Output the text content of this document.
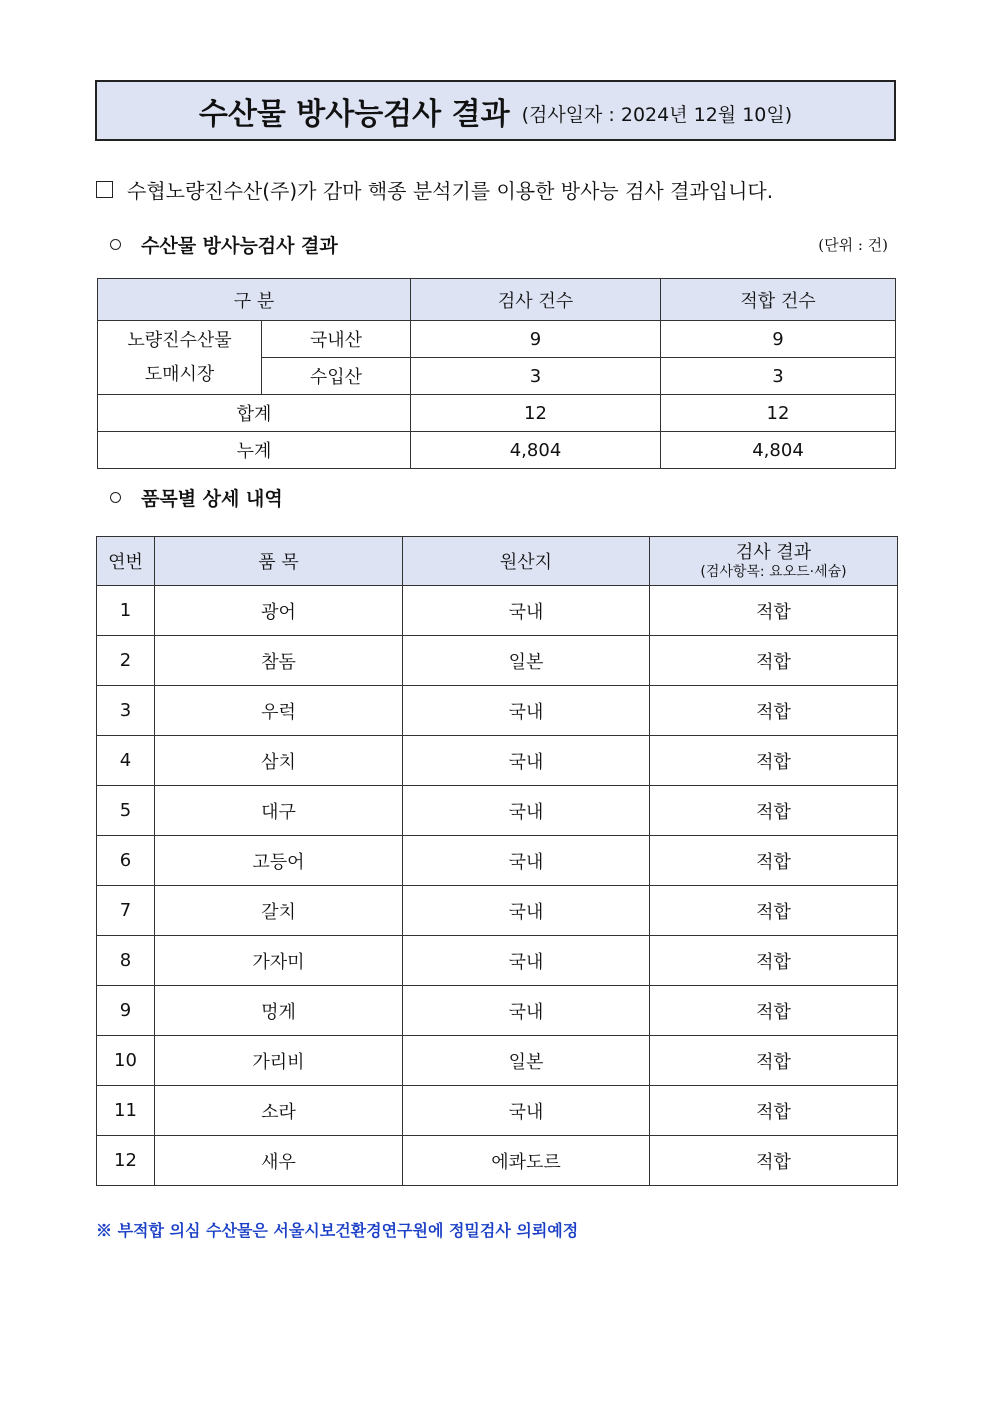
수산물 방사능검사 결과 (검사일자 : 2024년 12월 10일)
수협노량진수산(주)가 감마 핵종 분석기를 이용한 방사능 검사 결과입니다.
수산물 방사능검사 결과	(단위 : 건)
구 분		검사 건수	적합 건수

노량진수산물
도매시장	국내산	9	9
	수입산	3	3
합계		12	12
누계		4,804	4,804
품목별 상세 내역
연번	품 목	원산지	검사 결과
(검사항목: 요오드·세슘)

1	광어	국내	적합
2	참돔	일본	적합
3	우럭	국내	적합
4	삼치	국내	적합
5	대구	국내	적합
6	고등어	국내	적합
7	갈치	국내	적합
8	가자미	국내	적합
9	멍게	국내	적합
10	가리비	일본	적합
11	소라	국내	적합
12	새우	에콰도르	적합
※ 부적합 의심 수산물은 서울시보건환경연구원에 정밀검사 의뢰예정
